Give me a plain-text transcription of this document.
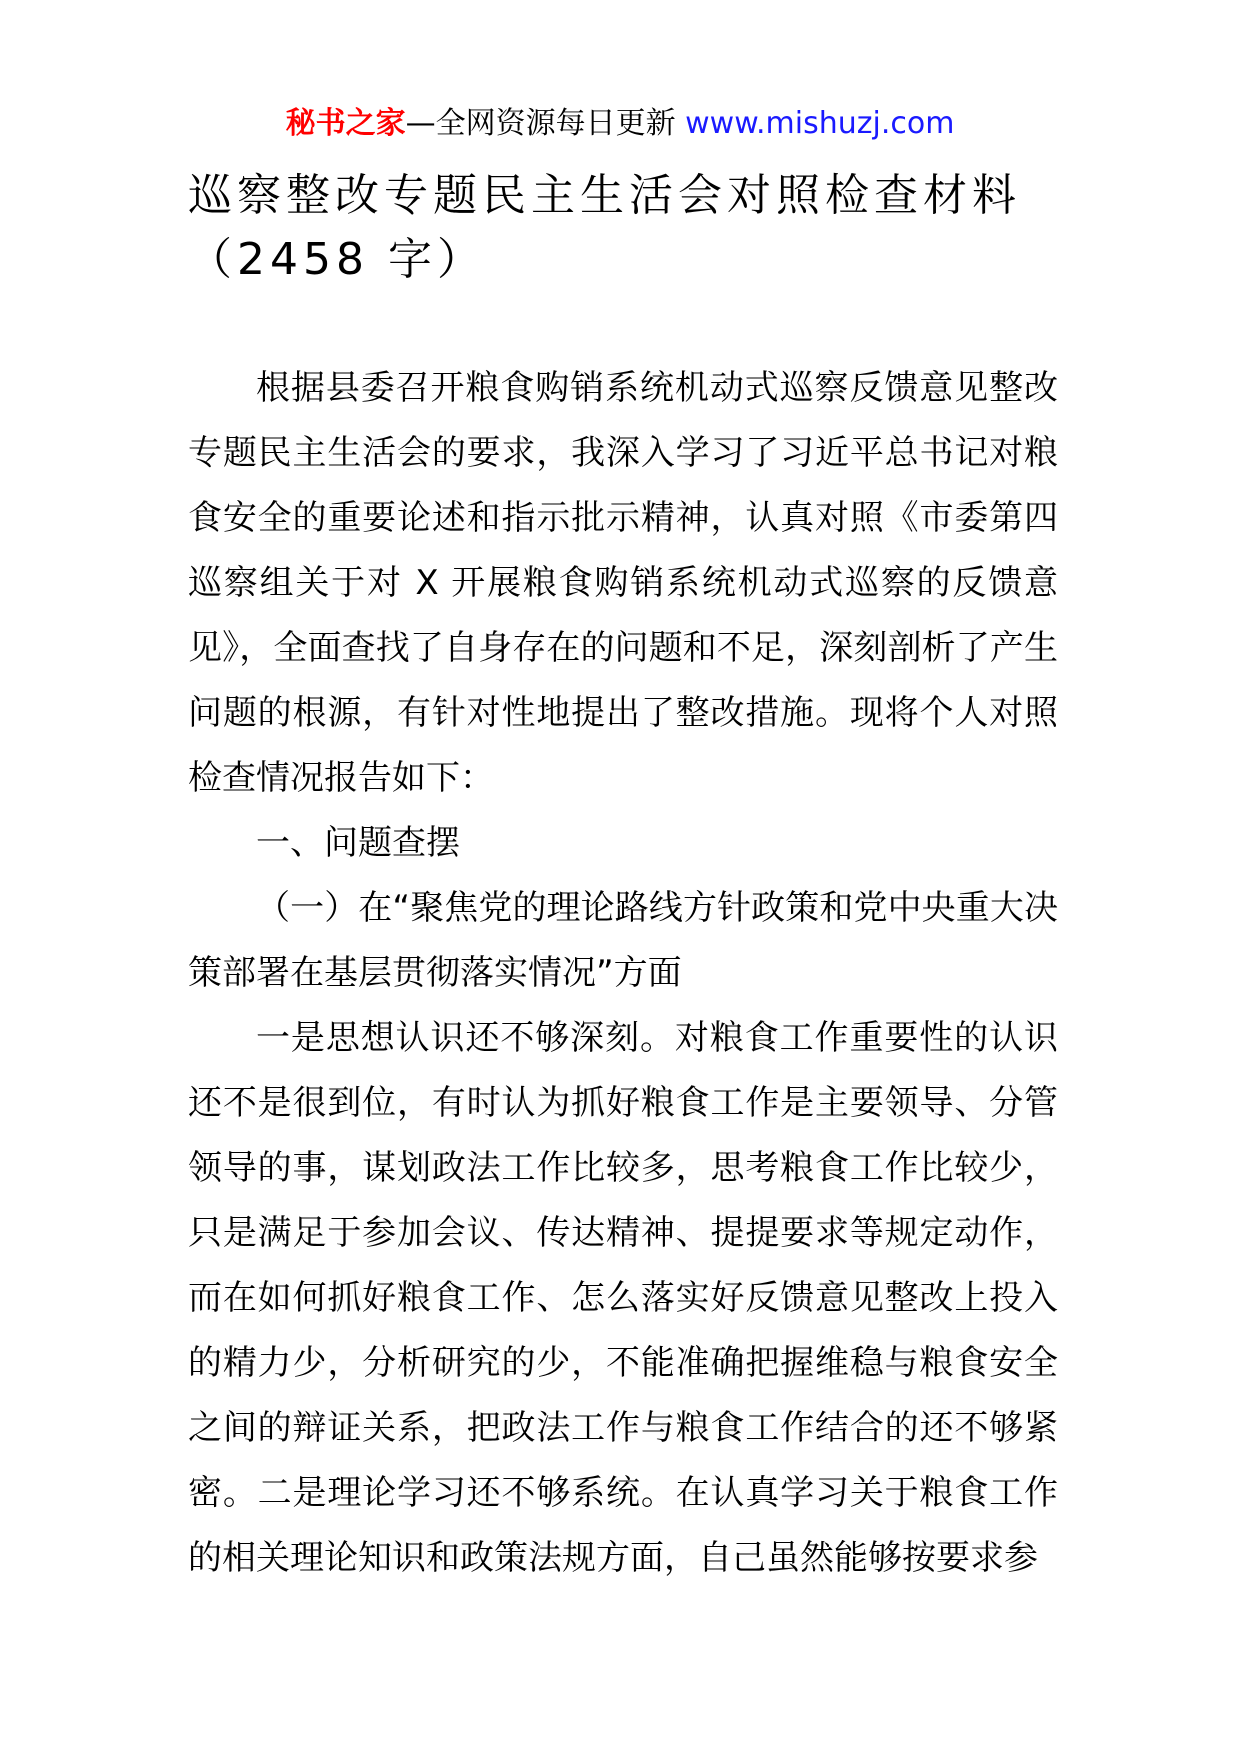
秘书之家—全网资源每日更新 www.mishuzj.com
巡察整改专题民主生活会对照检查材料（2458 字）

根据县委召开粮食购销系统机动式巡察反馈意见整改专题民主生活会的要求，我深入学习了习近平总书记对粮食安全的重要论述和指示批示精神，认真对照《市委第四巡察组关于对 X 开展粮食购销系统机动式巡察的反馈意见》，全面查找了自身存在的问题和不足，深刻剖析了产生问题的根源，有针对性地提出了整改措施。现将个人对照检查情况报告如下：

一、问题查摆

（一）在“聚焦党的理论路线方针政策和党中央重大决策部署在基层贯彻落实情况”方面

一是思想认识还不够深刻。对粮食工作重要性的认识还不是很到位，有时认为抓好粮食工作是主要领导、分管领导的事，谋划政法工作比较多，思考粮食工作比较少，只是满足于参加会议、传达精神、提提要求等规定动作，而在如何抓好粮食工作、怎么落实好反馈意见整改上投入的精力少，分析研究的少，不能准确把握维稳与粮食安全之间的辩证关系，把政法工作与粮食工作结合的还不够紧密。二是理论学习还不够系统。在认真学习关于粮食工作的相关理论知识和政策法规方面，自己虽然能够按要求参
